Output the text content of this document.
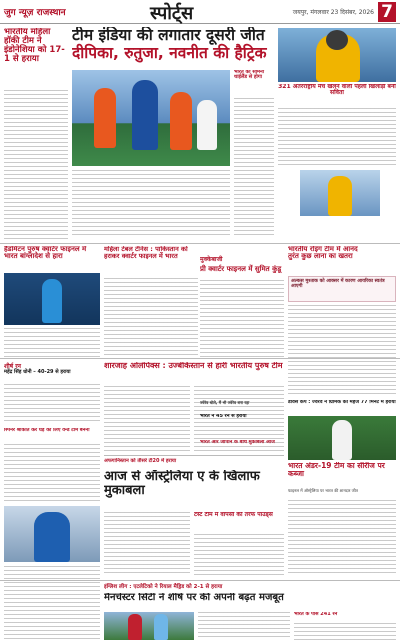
जुग न्यूज़ राजस्थान	स्पोर्ट्स	जयपुर, मंगलवार 23 दिसंबर, 2026 7
भारतीय महिला हॉकी टीम ने इंडोनेशिया को 17-1 से हराया
टीम इंडिया की लगातार दूसरी जीत
दीपिका, रुतुजा, नवनीत की हैट्रिक
भारत का सामना थाईलैंड से होगा
321 अंतरराष्ट्रीय मैच खेलने वाली पहली खिलाड़ी बनीं सविता
हैंडमिंटन पुरुष क्वार्टर फाइनल में भारत बांग्लादेश से हारा
महिला टेबल टेनिस : पाकिस्तान को हराकर क्वार्टर फाइनल में भारत	मुक्केबाजी
प्री क्वार्टर फाइनल में सुमित कुंडू
भारतीय रोइंग टीम में आनंद
तुरंत कुछ लाना का खतरा
अल्कस मुश्ताक को आक्सर में कारण आयरिका स्वतंत्र आएगी
शीर्ष रन
महेंद्र सिंह धोनी – 40-29 से हराया
स्पिनर श्रीकांत कर घड़ का लिए वन्डे टीम बनना
शारजाह ओलंपिक्स : उज्बेकिस्तान से हारी भारतीय पुरुष टीम
अफगानिस्तान को तीसरे टी20 में हराया
आज से ऑस्ट्रेलिया ए के खिलाफ मुकाबला
टेस्ट टीम में वापसी की तरफ पाउंड्स
डेविस कप : ज्वेरेव ने ग्रिमिक को महज 77 मिनट में हराया
भारत अंडर-19 टीम का सीरीज पर कब्जा
फाइनल में ऑस्ट्रेलिया पर भारत की शानदार जीत
ज्वेरेव बोले, मैं भी ज्वेरेव बना रहा
इंग्लिश लीग : एटलेटिको ने रियाल मैड्रिड को 2-1 से हराया
मैनचेस्टर सिटी ने शीर्ष पर की अपनी बढ़त मजबूत
भारत के पास 241 रन
भारत और जापान के बीच मुकाबला आज
भारत ने 45 रन से हराया
